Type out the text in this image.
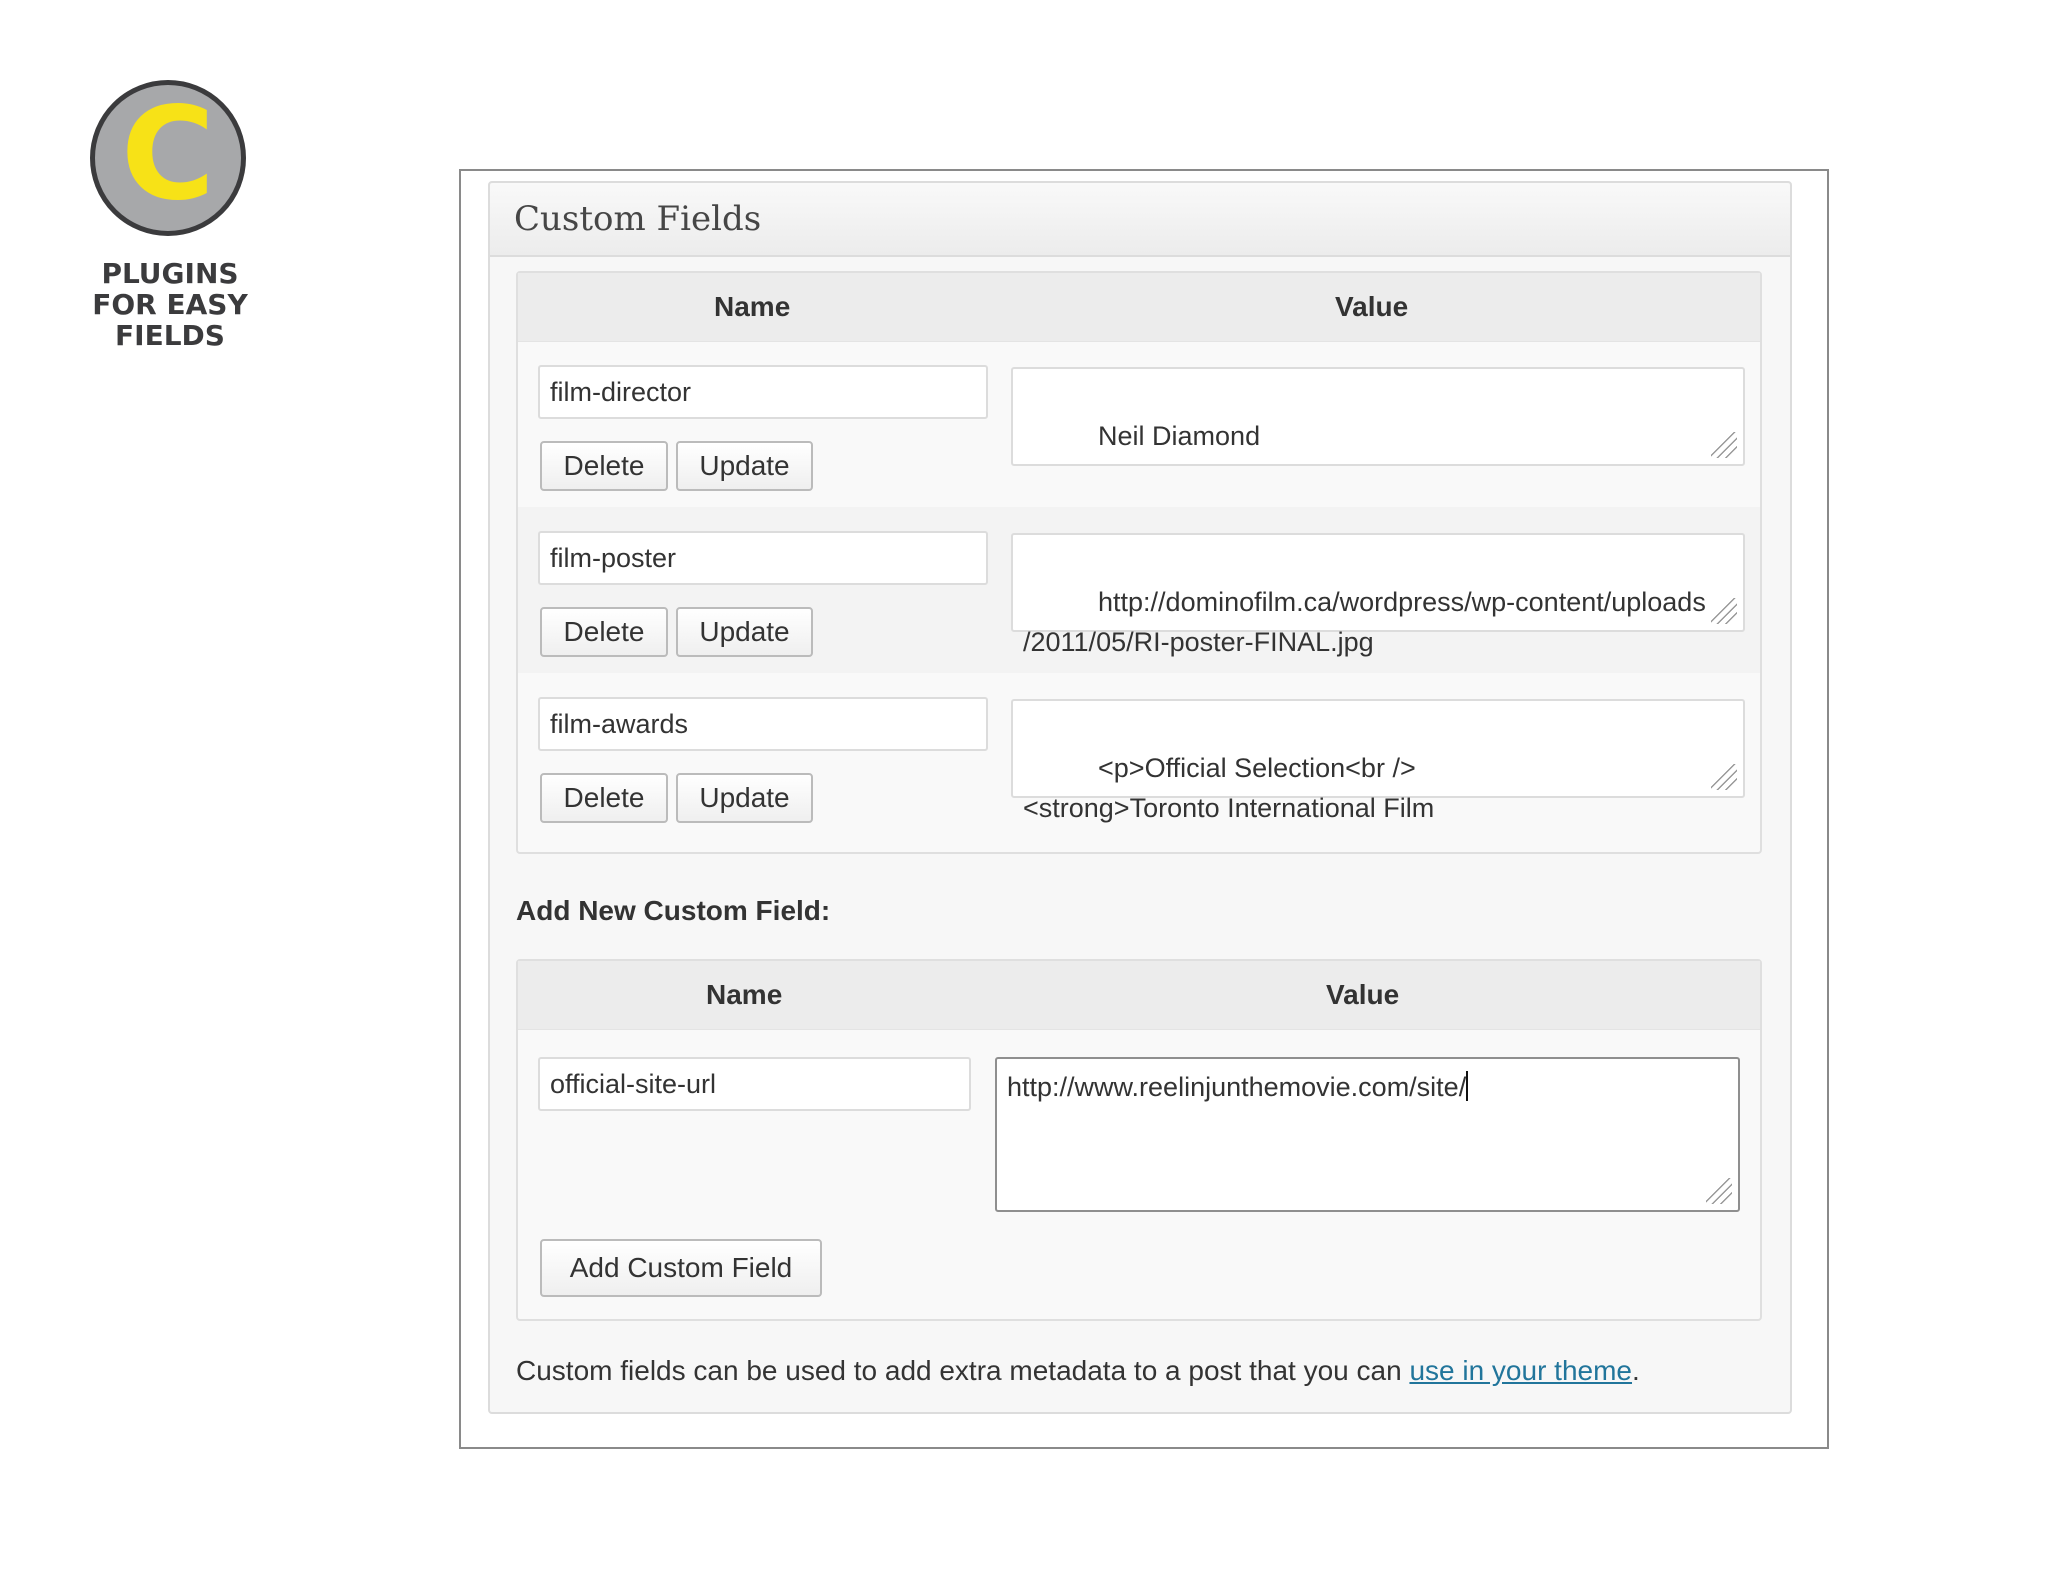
C
PLUGINS
FOR EASY
FIELDS
Custom Fields
Name	Value
film-director
Delete	Update

Neil Diamond

film-poster
Delete	Update

http://dominofilm.ca/wordpress/wp-content/uploads
/2011/05/RI-poster-FINAL.jpg

film-awards
Delete	Update

<p>Official Selection<br />
<strong>Toronto International Film

Add New Custom Field:
Name	Value
official-site-url	http://www.reelinjunthemovie.com/site/
Add Custom Field
Custom fields can be used to add extra metadata to a post that you can use in your theme.
